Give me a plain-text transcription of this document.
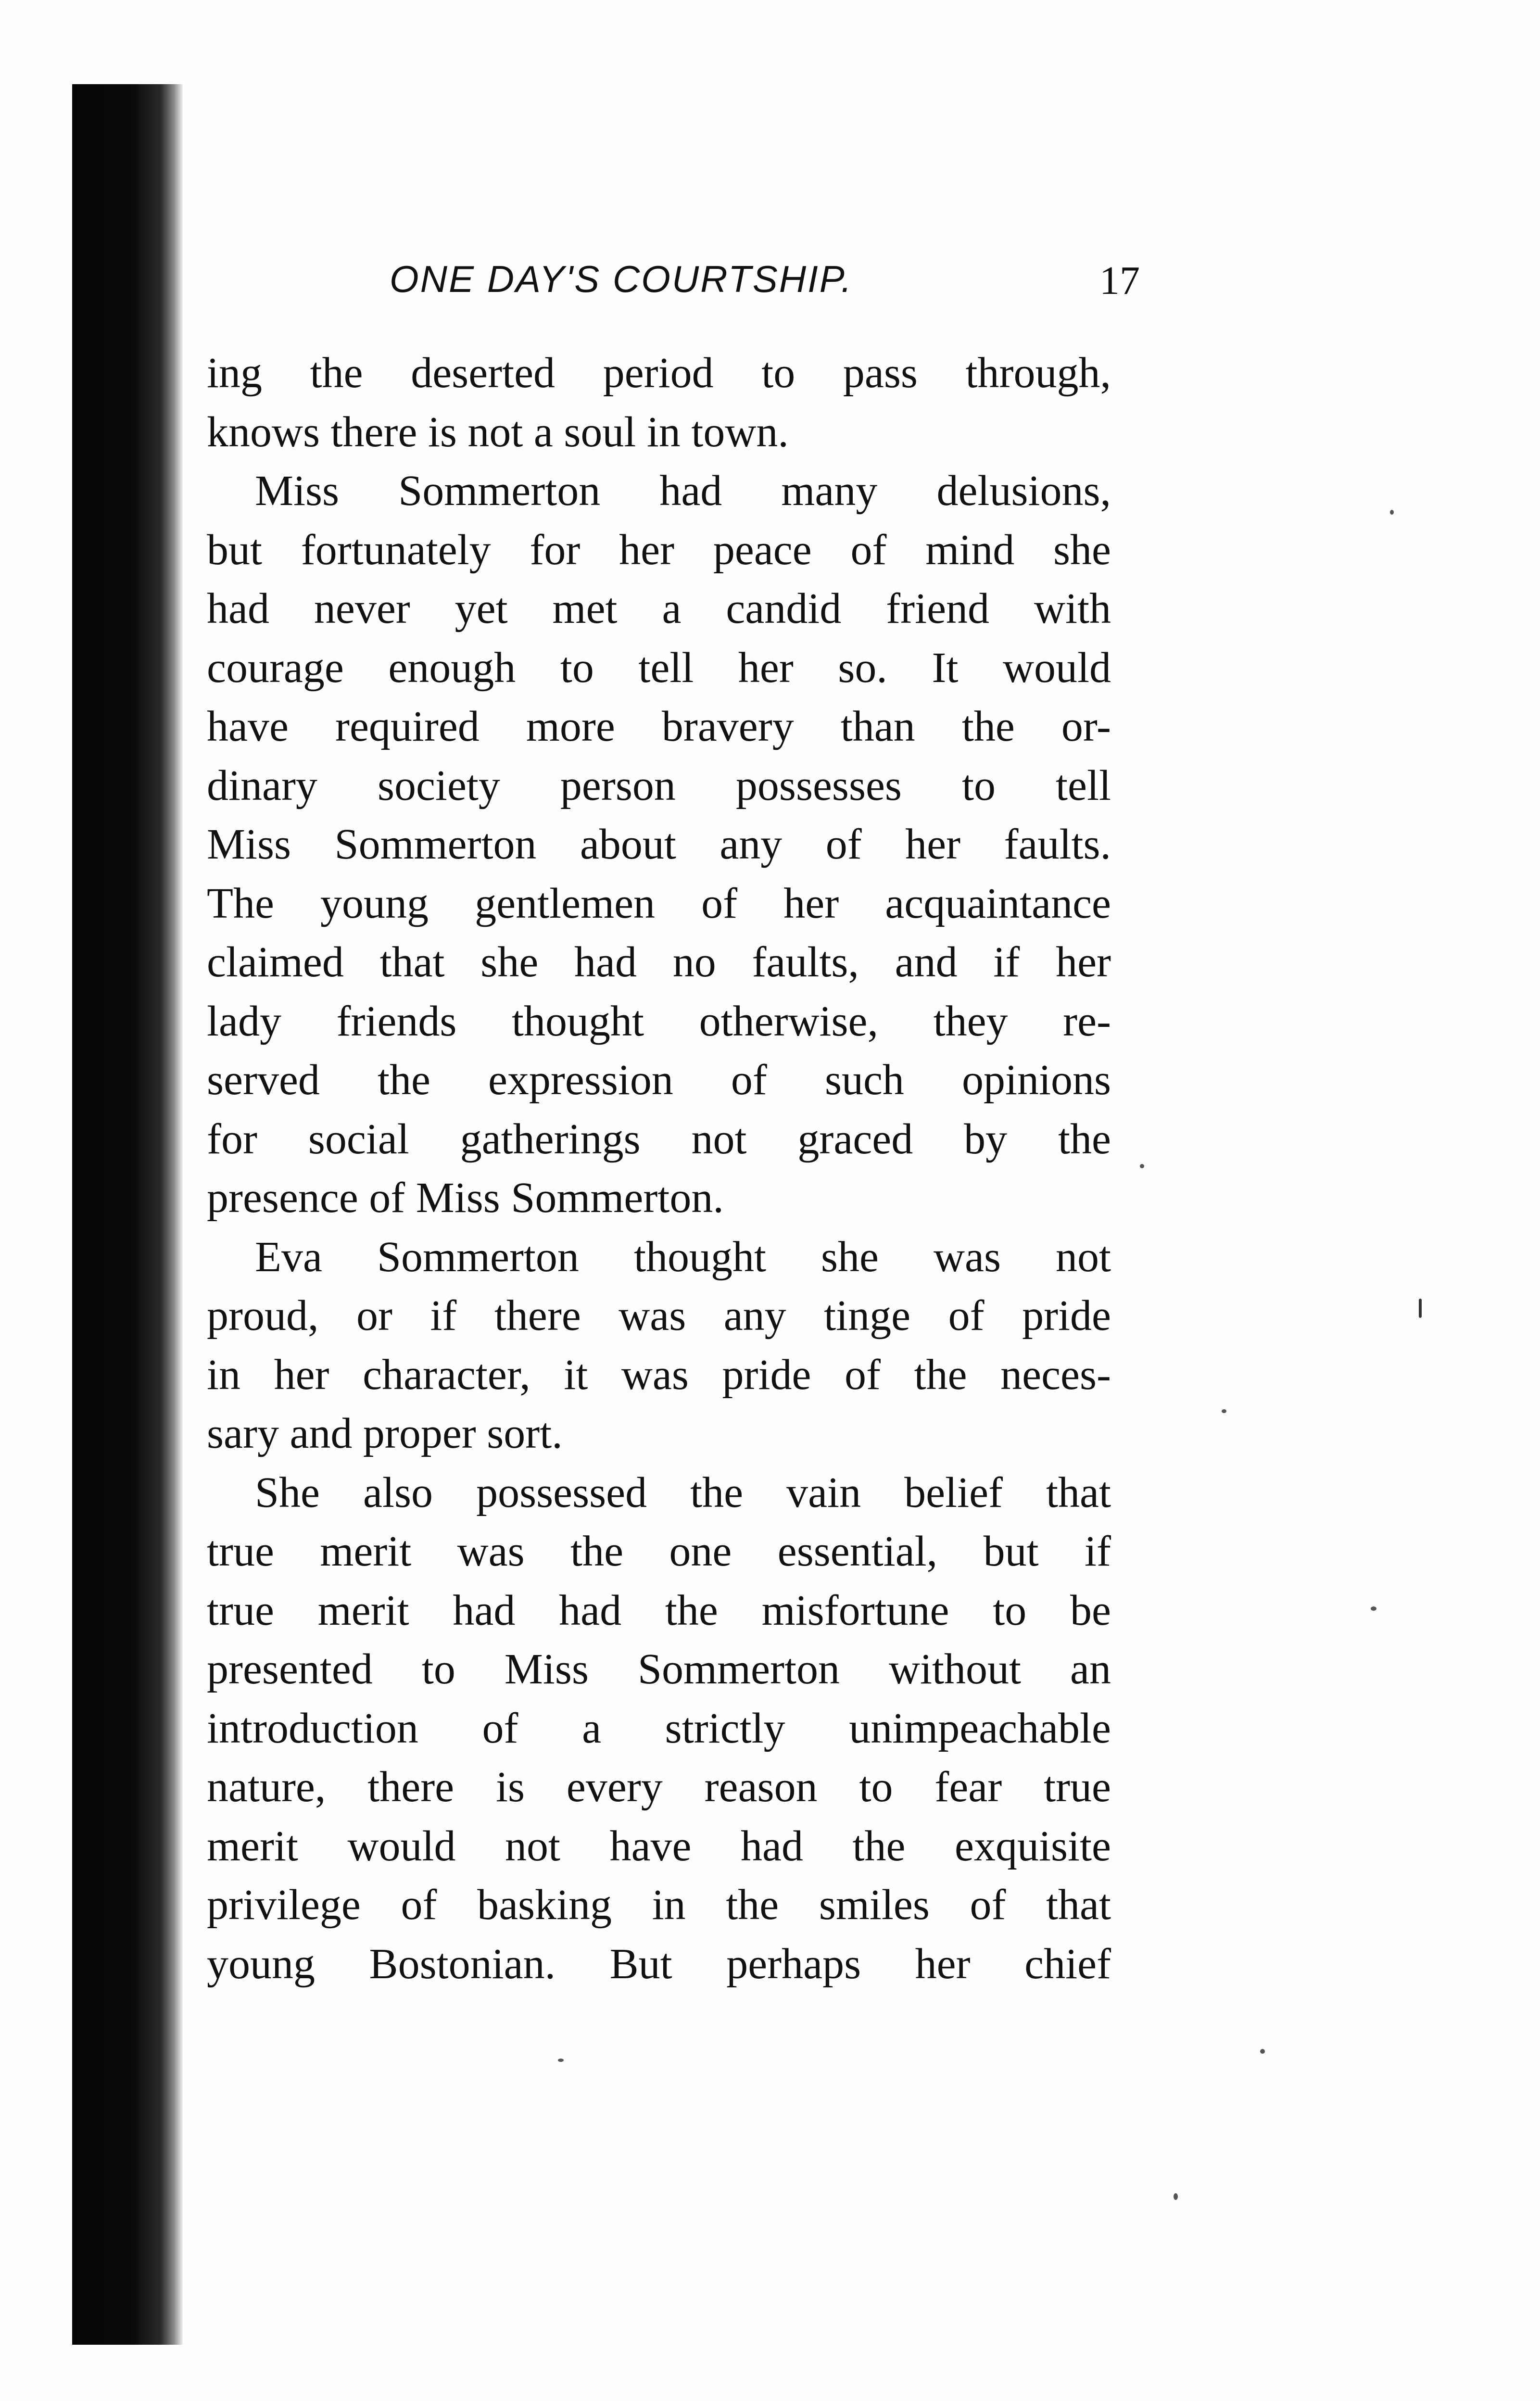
ONE DAY'S COURTSHIP.	17
ing the deserted period to pass through,
knows there is not a soul in town.
Miss Sommerton had many delusions,
but fortunately for her peace of mind she
had never yet met a candid friend with
courage enough to tell her so. It would
have required more bravery than the or-
dinary society person possesses to tell
Miss Sommerton about any of her faults.
The young gentlemen of her acquaintance
claimed that she had no faults, and if her
lady friends thought otherwise, they re-
served the expression of such opinions
for social gatherings not graced by the
presence of Miss Sommerton.
Eva Sommerton thought she was not
proud, or if there was any tinge of pride
in her character, it was pride of the neces-
sary and proper sort.
She also possessed the vain belief that
true merit was the one essential, but if
true merit had had the misfortune to be
presented to Miss Sommerton without an
introduction of a strictly unimpeachable
nature, there is every reason to fear true
merit would not have had the exquisite
privilege of basking in the smiles of that
young Bostonian. But perhaps her chief
